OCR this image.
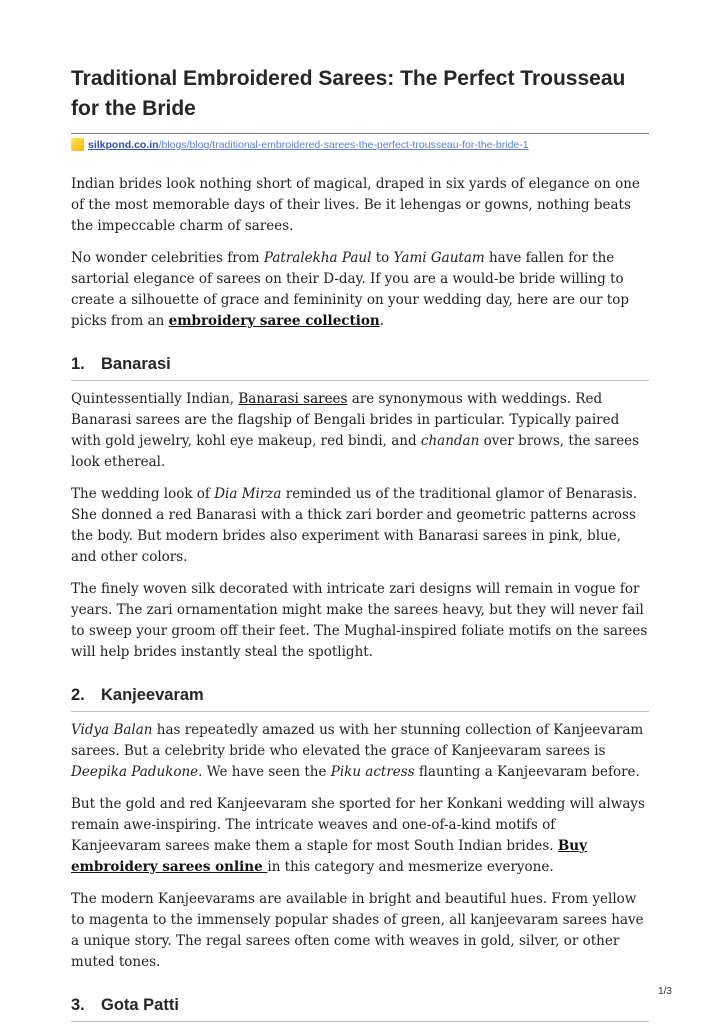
Traditional Embroidered Sarees: The Perfect Trousseau for the Bride
silkpond.co.in/blogs/blog/traditional-embroidered-sarees-the-perfect-trousseau-for-the-bride-1

Indian brides look nothing short of magical, draped in six yards of elegance on one of the most memorable days of their lives. Be it lehengas or gowns, nothing beats the impeccable charm of sarees.

No wonder celebrities from Patralekha Paul to Yami Gautam have fallen for the sartorial elegance of sarees on their D-day. If you are a would-be bride willing to create a silhouette of grace and femininity on your wedding day, here are our top picks from an embroidery saree collection.

1. Banarasi

Quintessentially Indian, Banarasi sarees are synonymous with weddings. Red Banarasi sarees are the flagship of Bengali brides in particular. Typically paired with gold jewelry, kohl eye makeup, red bindi, and chandan over brows, the sarees look ethereal.

The wedding look of Dia Mirza reminded us of the traditional glamor of Benarasis. She donned a red Banarasi with a thick zari border and geometric patterns across the body. But modern brides also experiment with Banarasi sarees in pink, blue, and other colors.

The finely woven silk decorated with intricate zari designs will remain in vogue for years. The zari ornamentation might make the sarees heavy, but they will never fail to sweep your groom off their feet. The Mughal-inspired foliate motifs on the sarees will help brides instantly steal the spotlight.

2. Kanjeevaram

Vidya Balan has repeatedly amazed us with her stunning collection of Kanjeevaram sarees. But a celebrity bride who elevated the grace of Kanjeevaram sarees is Deepika Padukone. We have seen the Piku actress flaunting a Kanjeevaram before.

But the gold and red Kanjeevaram she sported for her Konkani wedding will always remain awe-inspiring. The intricate weaves and one-of-a-kind motifs of Kanjeevaram sarees make them a staple for most South Indian brides. Buy embroidery sarees online in this category and mesmerize everyone.

The modern Kanjeevarams are available in bright and beautiful hues. From yellow to magenta to the immensely popular shades of green, all kanjeevaram sarees have a unique story. The regal sarees often come with weaves in gold, silver, or other muted tones.

3. Gota Patti
1/3
